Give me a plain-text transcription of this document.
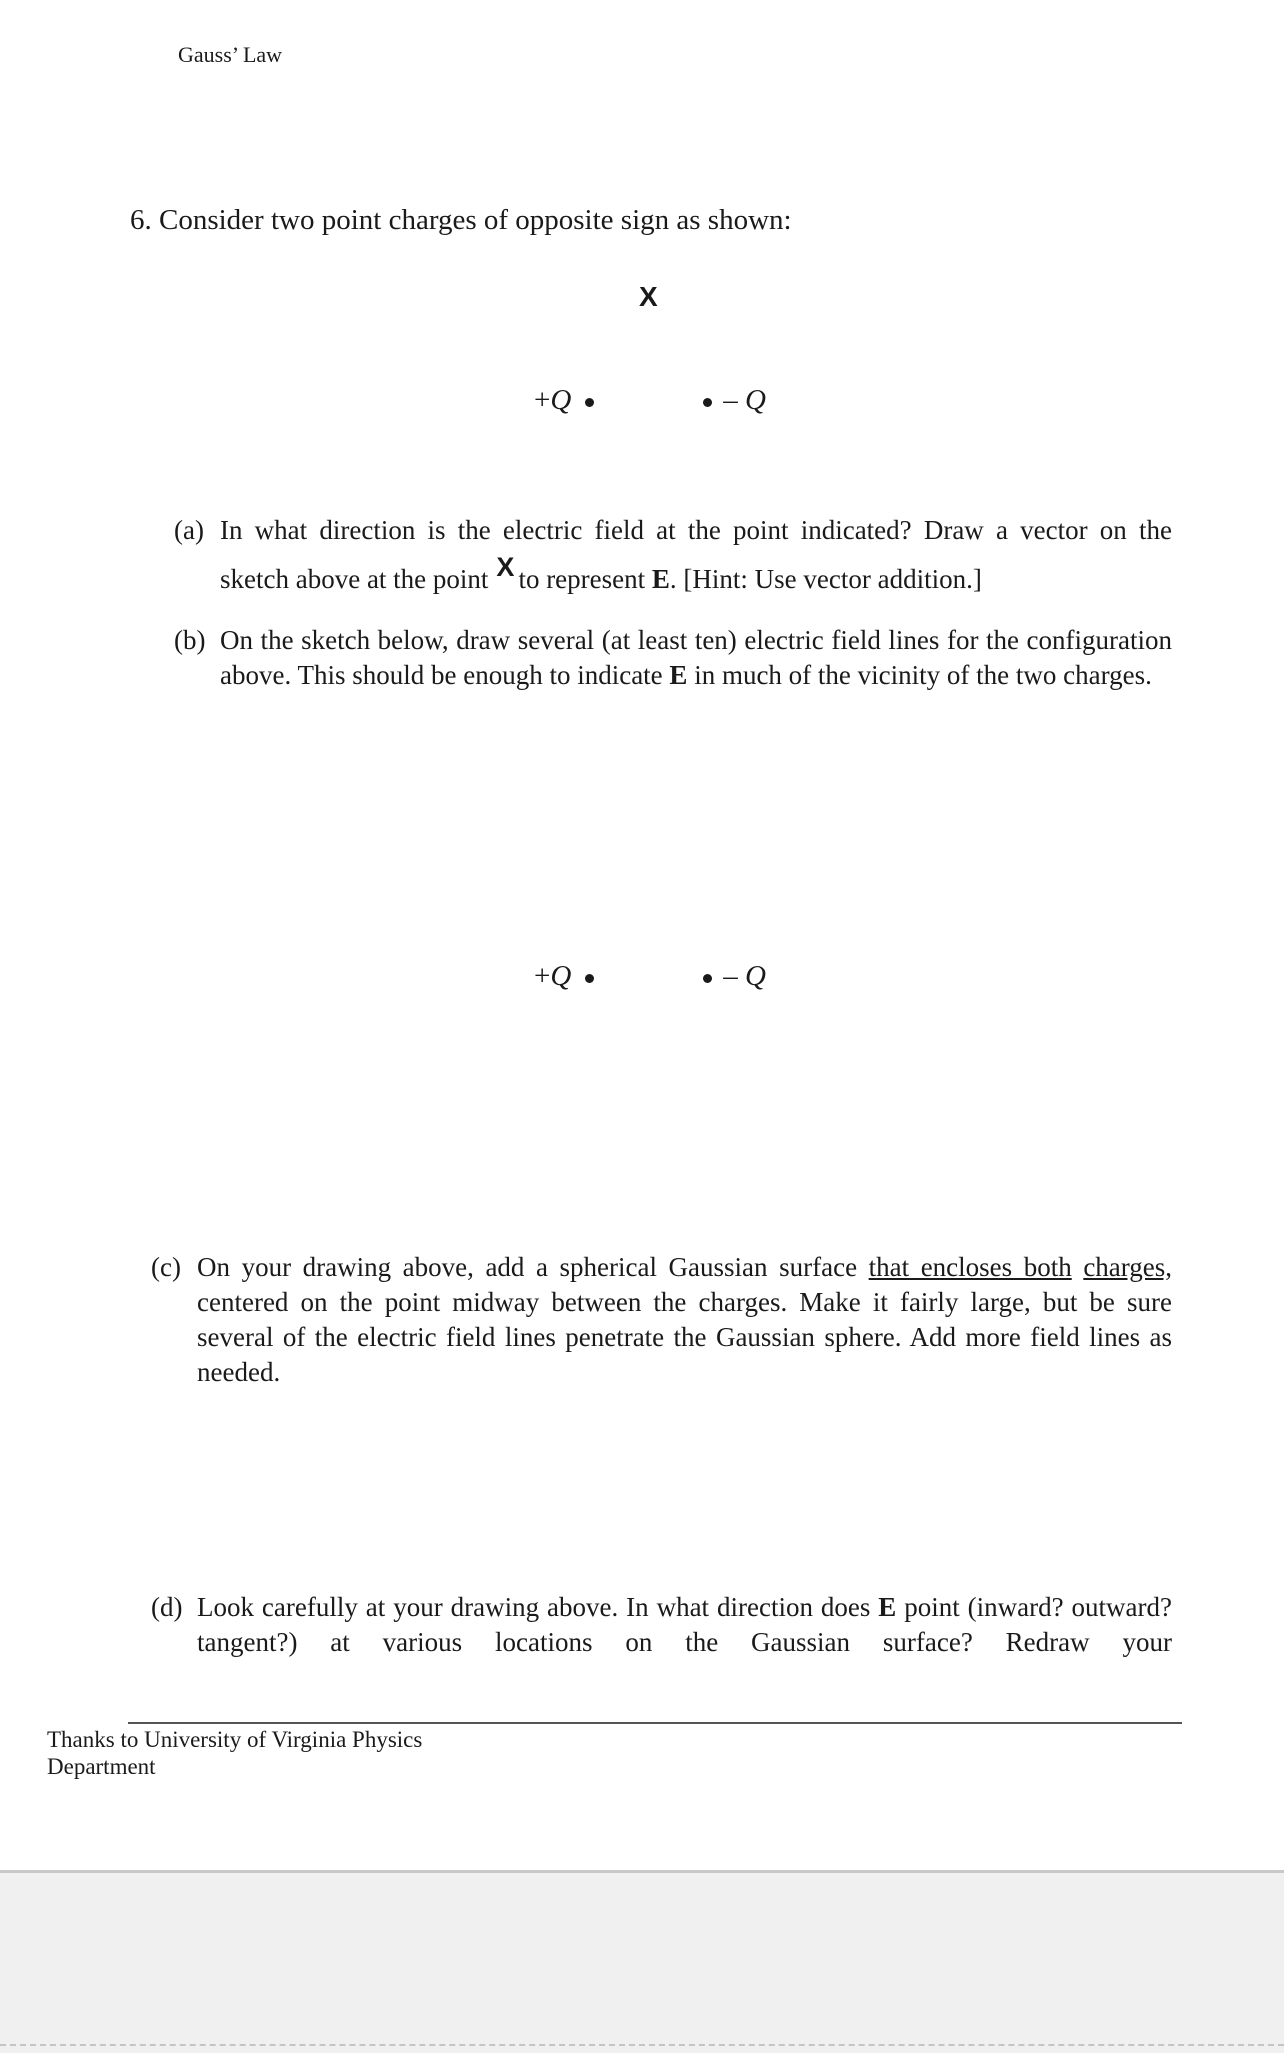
Gauss’ Law
6. Consider two point charges of opposite sign as shown:
X
+Q	– Q
(a) In what direction is the electric field at the point indicated? Draw a vector on the
sketch above at the point X to represent E. [Hint: Use vector addition.]
(b) On the sketch below, draw several (at least ten) electric field lines for the configuration above. This should be enough to indicate E in much of the vicinity of the two charges.
+Q	– Q
(c) On your drawing above, add a spherical Gaussian surface that encloses both charges, centered on the point midway between the charges. Make it fairly large, but be sure several of the electric field lines penetrate the Gaussian sphere. Add more field lines as needed.
(d) Look carefully at your drawing above. In what direction does E point (inward? outward? tangent?) at various locations on the Gaussian surface? Redraw your
Thanks to University of Virginia Physics Department
